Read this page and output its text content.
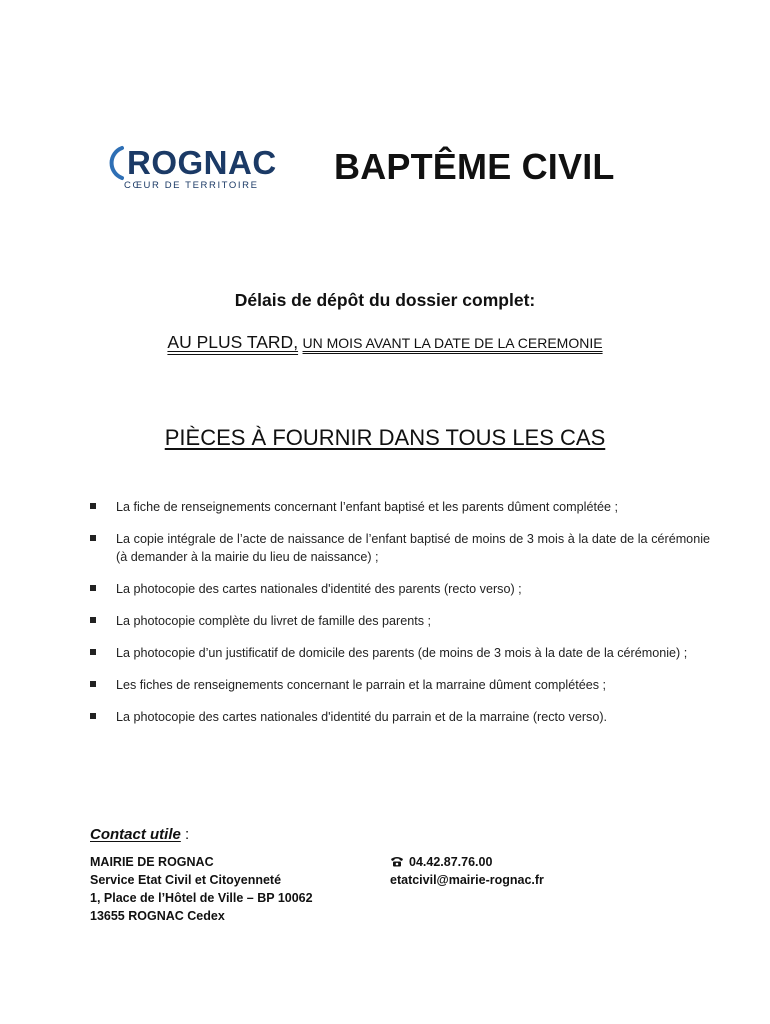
ROGNAC
CŒUR DE TERRITOIRE BAPTÊME CIVIL
Délais de dépôt du dossier complet:
AU PLUS TARD, UN MOIS AVANT LA DATE DE LA CEREMONIE
PIÈCES À FOURNIR DANS TOUS LES CAS
La fiche de renseignements concernant l’enfant baptisé et les parents dûment complétée ;
La copie intégrale de l’acte de naissance de l’enfant baptisé de moins de 3 mois à la date de la cérémonie (à demander à la mairie du lieu de naissance) ;
La photocopie des cartes nationales d'identité des parents (recto verso) ;
La photocopie complète du livret de famille des parents ;
La photocopie d’un justificatif de domicile des parents (de moins de 3 mois à la date de la cérémonie) ;
Les fiches de renseignements concernant le parrain et la marraine dûment complétées ;
La photocopie des cartes nationales d'identité du parrain et de la marraine (recto verso).
Contact utile :
MAIRIE DE ROGNAC
Service Etat Civil et Citoyenneté
1, Place de l’Hôtel de Ville – BP 10062
13655 ROGNAC Cedex
04.42.87.76.00
etatcivil@mairie-rognac.fr
